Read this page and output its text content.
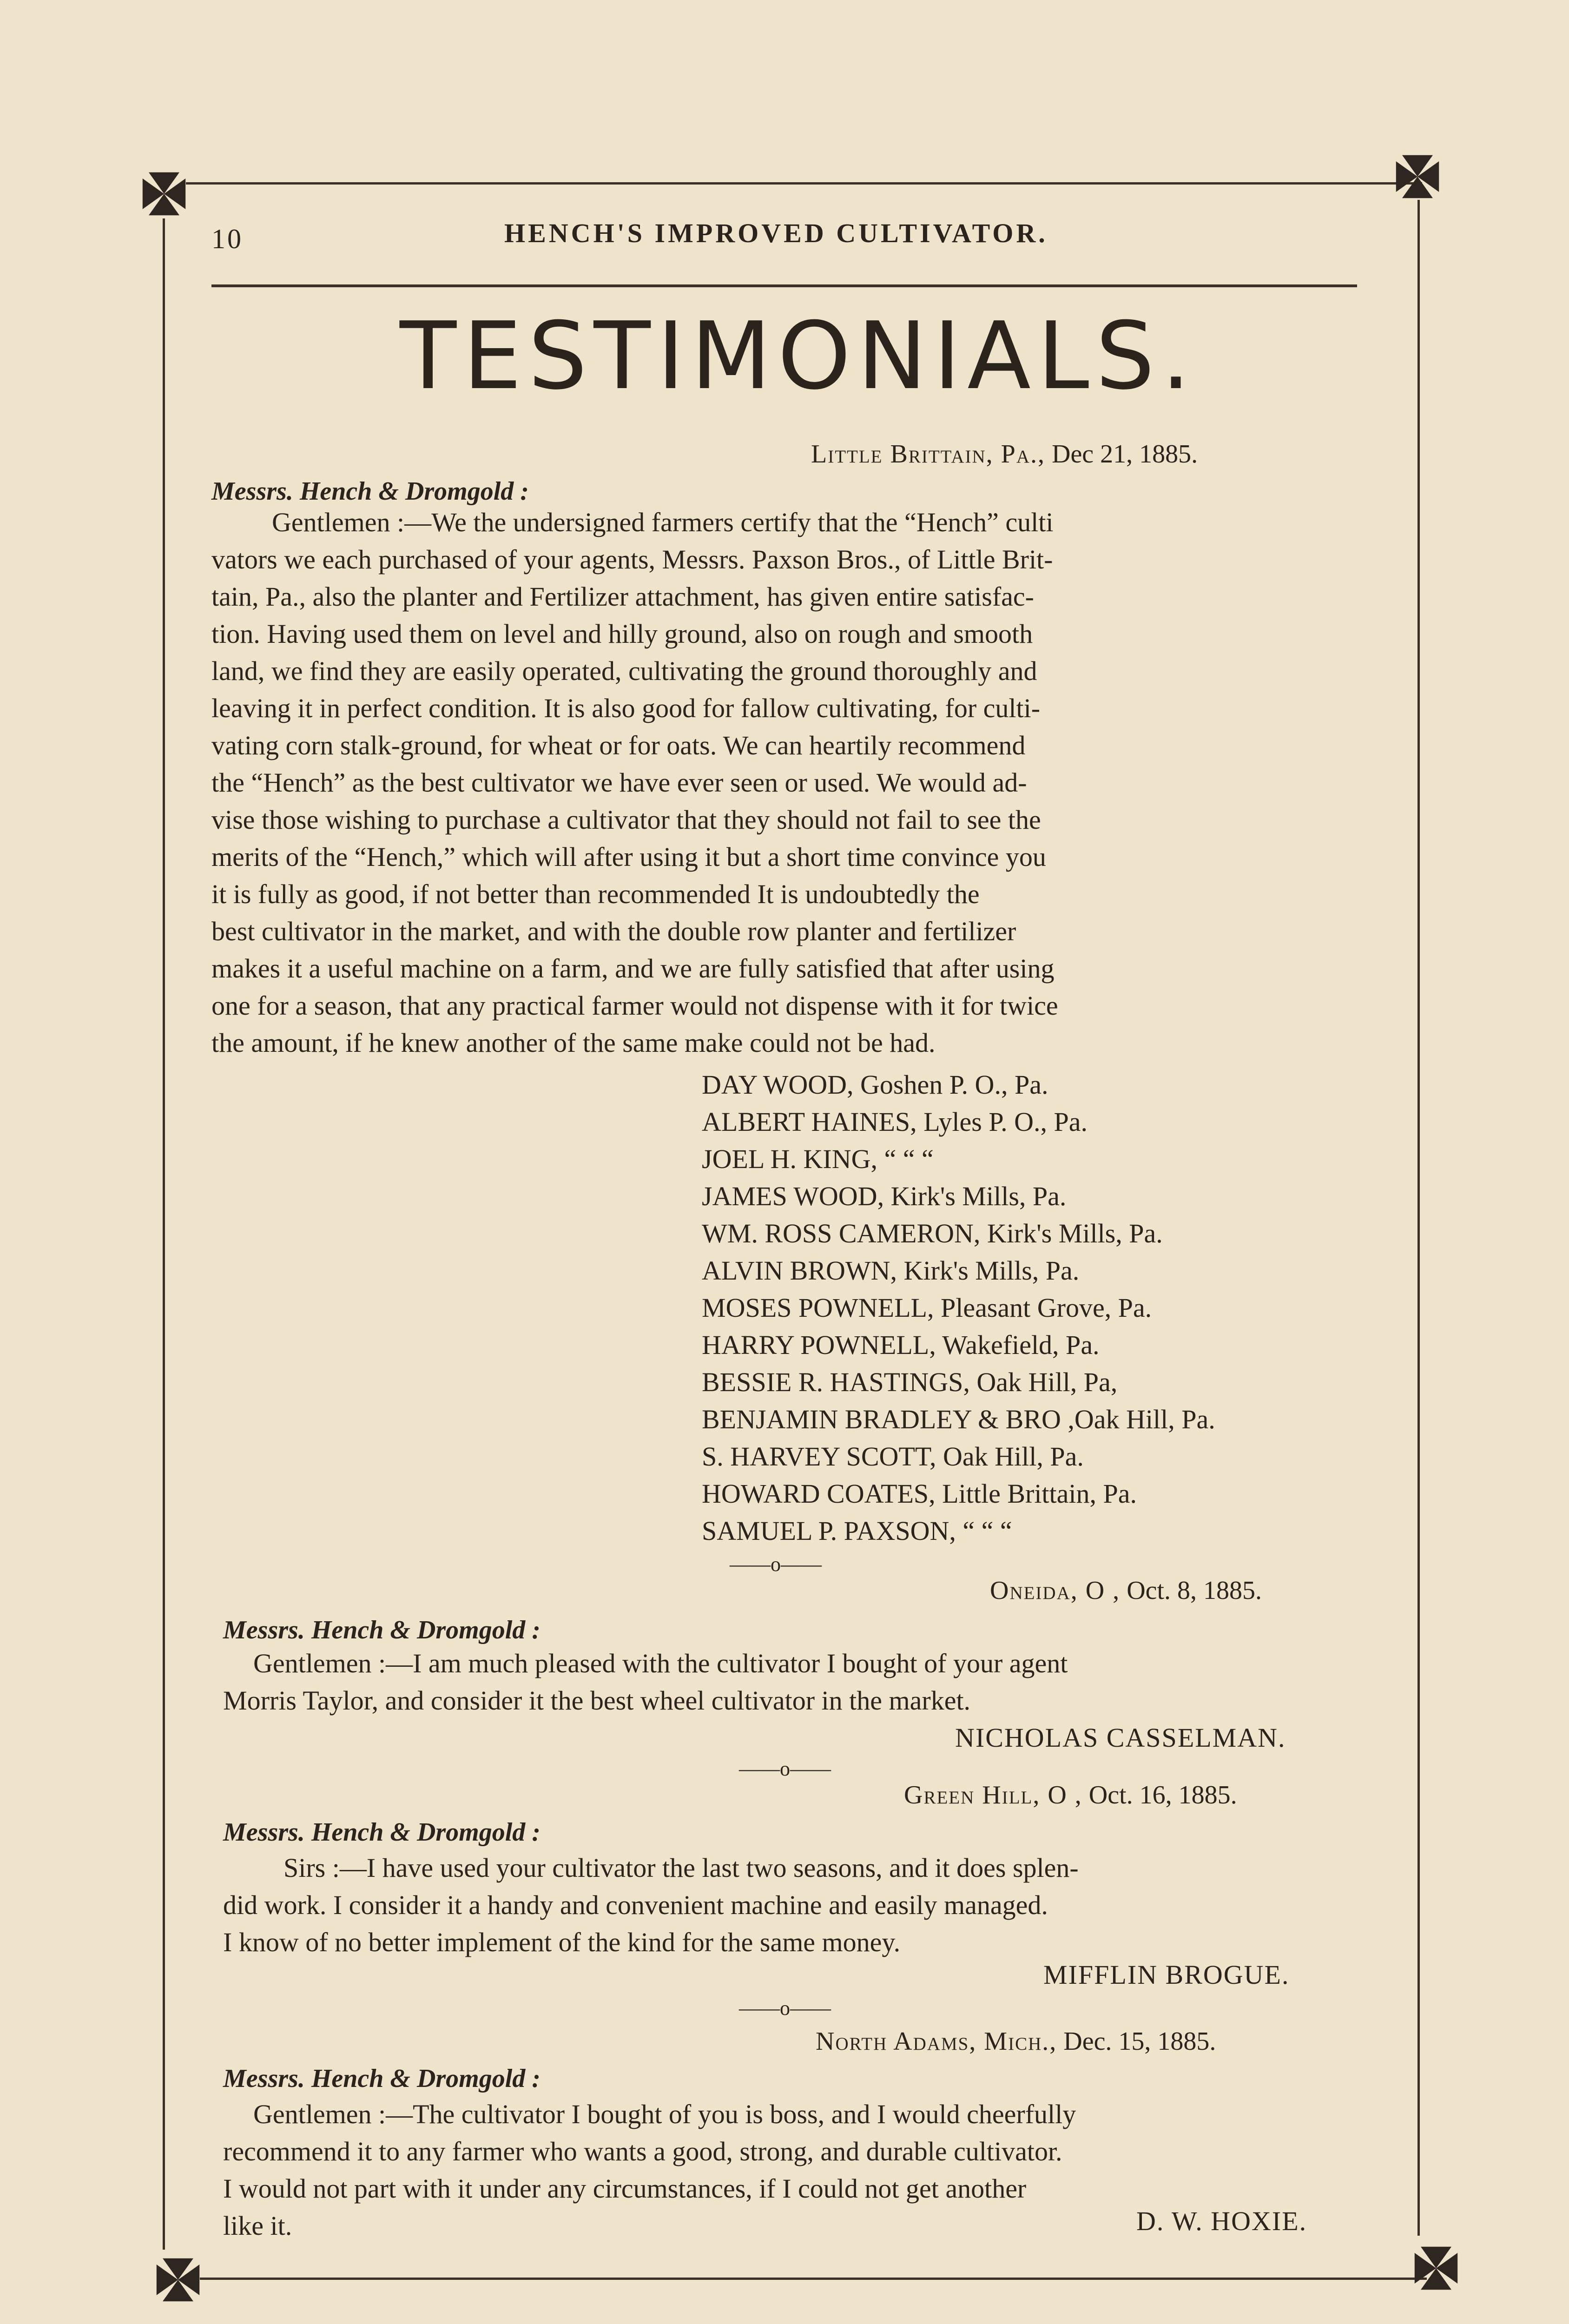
10	HENCH'S IMPROVED CULTIVATOR.
TESTIMONIALS.
Little Brittain, Pa., Dec 21, 1885.
Messrs. Hench & Dromgold :
Gentlemen :—We the undersigned farmers certify that the “Hench” culti
vators we each purchased of your agents, Messrs. Paxson Bros., of Little Brit-
tain, Pa., also the planter and Fertilizer attachment, has given entire satisfac-
tion. Having used them on level and hilly ground, also on rough and smooth
land, we find they are easily operated, cultivating the ground thoroughly and
leaving it in perfect condition. It is also good for fallow cultivating, for culti-
vating corn stalk-ground, for wheat or for oats. We can heartily recommend
the “Hench” as the best cultivator we have ever seen or used. We would ad-
vise those wishing to purchase a cultivator that they should not fail to see the
merits of the “Hench,” which will after using it but a short time convince you
it is fully as good, if not better than recommended It is undoubtedly the
best cultivator in the market, and with the double row planter and fertilizer
makes it a useful machine on a farm, and we are fully satisfied that after using
one for a season, that any practical farmer would not dispense with it for twice
the amount, if he knew another of the same make could not be had.
DAY WOOD, Goshen P. O., Pa.
ALBERT HAINES, Lyles P. O., Pa.
JOEL H. KING, “ “ “
JAMES WOOD, Kirk's Mills, Pa.
WM. ROSS CAMERON, Kirk's Mills, Pa.
ALVIN BROWN, Kirk's Mills, Pa.
MOSES POWNELL, Pleasant Grove, Pa.
HARRY POWNELL, Wakefield, Pa.
BESSIE R. HASTINGS, Oak Hill, Pa,
BENJAMIN BRADLEY & BRO ,Oak Hill, Pa.
S. HARVEY SCOTT, Oak Hill, Pa.
HOWARD COATES, Little Brittain, Pa.
SAMUEL P. PAXSON, “ “ “
——o——
Oneida, O , Oct. 8, 1885.
Messrs. Hench & Dromgold :
Gentlemen :—I am much pleased with the cultivator I bought of your agent
Morris Taylor, and consider it the best wheel cultivator in the market.
NICHOLAS CASSELMAN.
——o——
Green Hill, O , Oct. 16, 1885.
Messrs. Hench & Dromgold :
Sirs :—I have used your cultivator the last two seasons, and it does splen-
did work. I consider it a handy and convenient machine and easily managed.
I know of no better implement of the kind for the same money.
MIFFLIN BROGUE.
——o——
North Adams, Mich., Dec. 15, 1885.
Messrs. Hench & Dromgold :
Gentlemen :—The cultivator I bought of you is boss, and I would cheerfully
recommend it to any farmer who wants a good, strong, and durable cultivator.
I would not part with it under any circumstances, if I could not get another
like it.	D. W. HOXIE.
